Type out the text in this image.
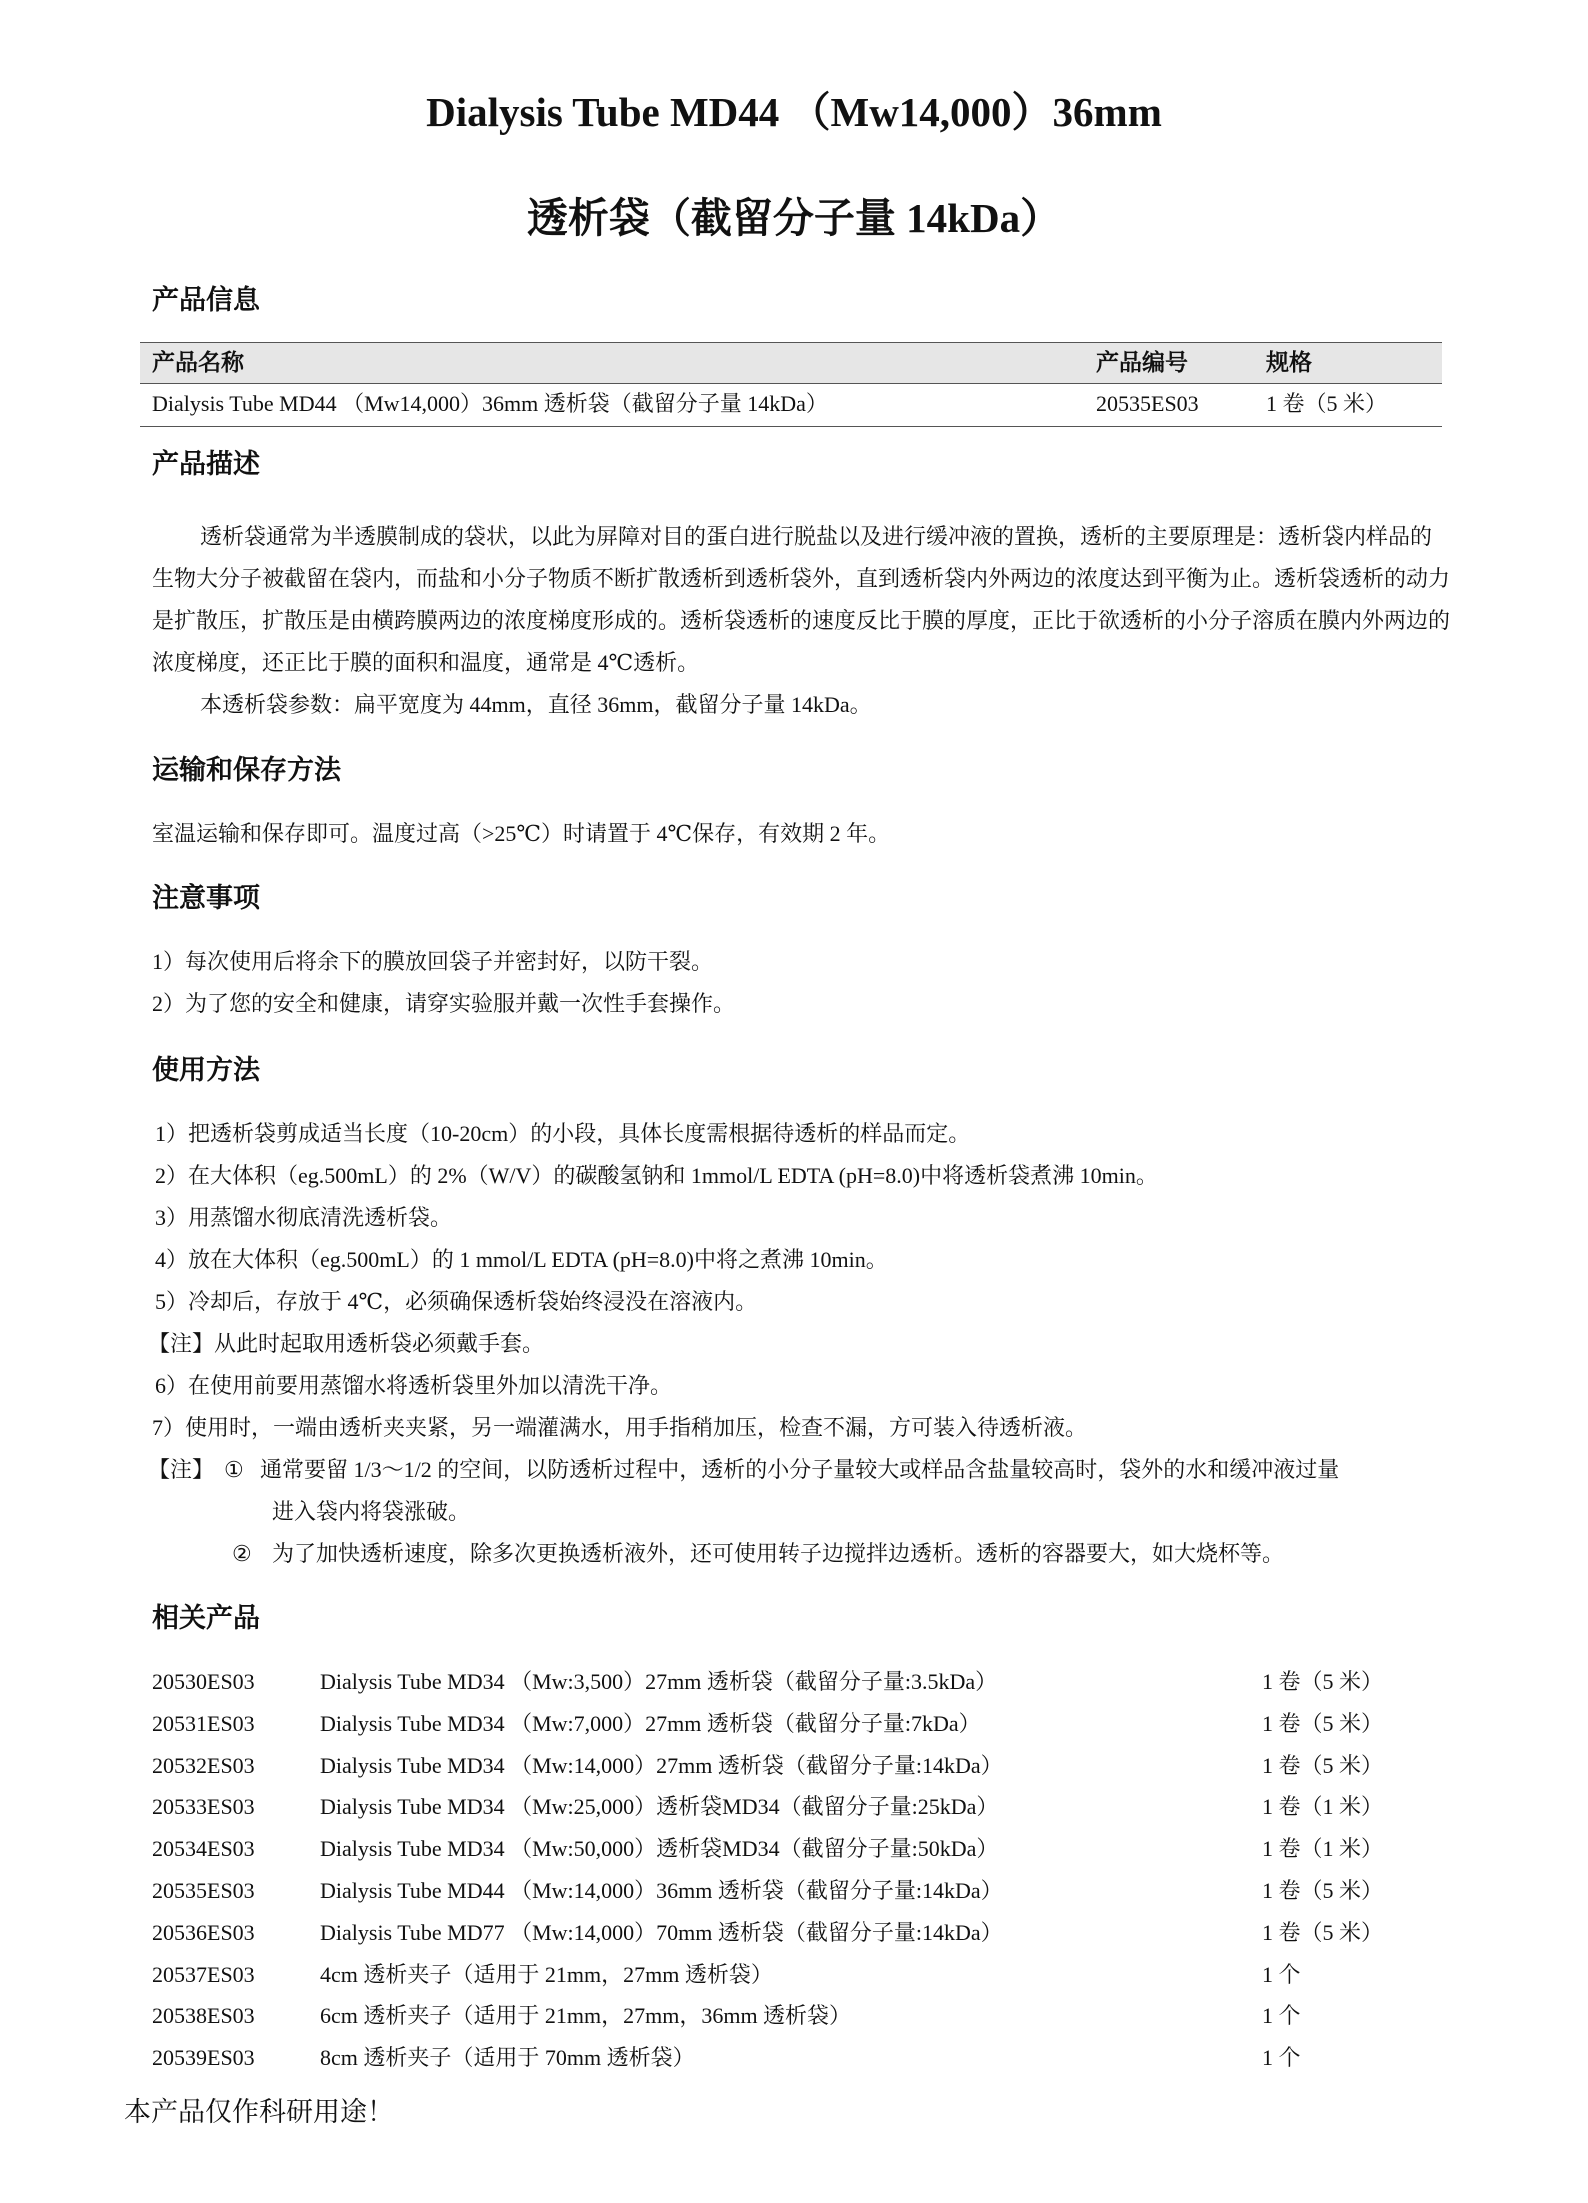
Dialysis Tube MD44 （Mw14,000）36mm
透析袋（截留分子量 14kDa）
产品信息
产品名称	产品编号	规格
Dialysis Tube MD44 （Mw14,000）36mm 透析袋（截留分子量 14kDa）	20535ES03	1 卷（5 米）
产品描述
透析袋通常为半透膜制成的袋状，以此为屏障对目的蛋白进行脱盐以及进行缓冲液的置换，透析的主要原理是：透析袋内样品的生物大分子被截留在袋内，而盐和小分子物质不断扩散透析到透析袋外，直到透析袋内外两边的浓度达到平衡为止。透析袋透析的动力是扩散压，扩散压是由横跨膜两边的浓度梯度形成的。透析袋透析的速度反比于膜的厚度，正比于欲透析的小分子溶质在膜内外两边的浓度梯度，还正比于膜的面积和温度，通常是 4℃透析。
本透析袋参数：扁平宽度为 44mm，直径 36mm，截留分子量 14kDa。
运输和保存方法
室温运输和保存即可。温度过高（>25℃）时请置于 4℃保存，有效期 2 年。
注意事项
1）每次使用后将余下的膜放回袋子并密封好，以防干裂。
2）为了您的安全和健康，请穿实验服并戴一次性手套操作。
使用方法
1）把透析袋剪成适当长度（10-20cm）的小段，具体长度需根据待透析的样品而定。
2）在大体积（eg.500mL）的 2%（W/V）的碳酸氢钠和 1mmol/L EDTA (pH=8.0)中将透析袋煮沸 10min。
3）用蒸馏水彻底清洗透析袋。
4）放在大体积（eg.500mL）的 1 mmol/L EDTA (pH=8.0)中将之煮沸 10min。
5）冷却后，存放于 4℃，必须确保透析袋始终浸没在溶液内。
【注】从此时起取用透析袋必须戴手套。
6）在使用前要用蒸馏水将透析袋里外加以清洗干净。
7）使用时，一端由透析夹夹紧，另一端灌满水，用手指稍加压，检查不漏，方可装入待透析液。
【注】 ① 通常要留 1/3～1/2 的空间，以防透析过程中，透析的小分子量较大或样品含盐量较高时，袋外的水和缓冲液过量
进入袋内将袋涨破。
② 为了加快透析速度，除多次更换透析液外，还可使用转子边搅拌边透析。透析的容器要大，如大烧杯等。
相关产品
20530ES03	Dialysis Tube MD34 （Mw:3,500）27mm 透析袋（截留分子量:3.5kDa）	1 卷（5 米）
20531ES03	Dialysis Tube MD34 （Mw:7,000）27mm 透析袋（截留分子量:7kDa）	1 卷（5 米）
20532ES03	Dialysis Tube MD34 （Mw:14,000）27mm 透析袋（截留分子量:14kDa）	1 卷（5 米）
20533ES03	Dialysis Tube MD34 （Mw:25,000）透析袋MD34（截留分子量:25kDa）	1 卷（1 米）
20534ES03	Dialysis Tube MD34 （Mw:50,000）透析袋MD34（截留分子量:50kDa）	1 卷（1 米）
20535ES03	Dialysis Tube MD44 （Mw:14,000）36mm 透析袋（截留分子量:14kDa）	1 卷（5 米）
20536ES03	Dialysis Tube MD77 （Mw:14,000）70mm 透析袋（截留分子量:14kDa）	1 卷（5 米）
20537ES03	4cm 透析夹子（适用于 21mm，27mm 透析袋）	1 个
20538ES03	6cm 透析夹子（适用于 21mm，27mm，36mm 透析袋）	1 个
20539ES03	8cm 透析夹子（适用于 70mm 透析袋）	1 个
本产品仅作科研用途！
